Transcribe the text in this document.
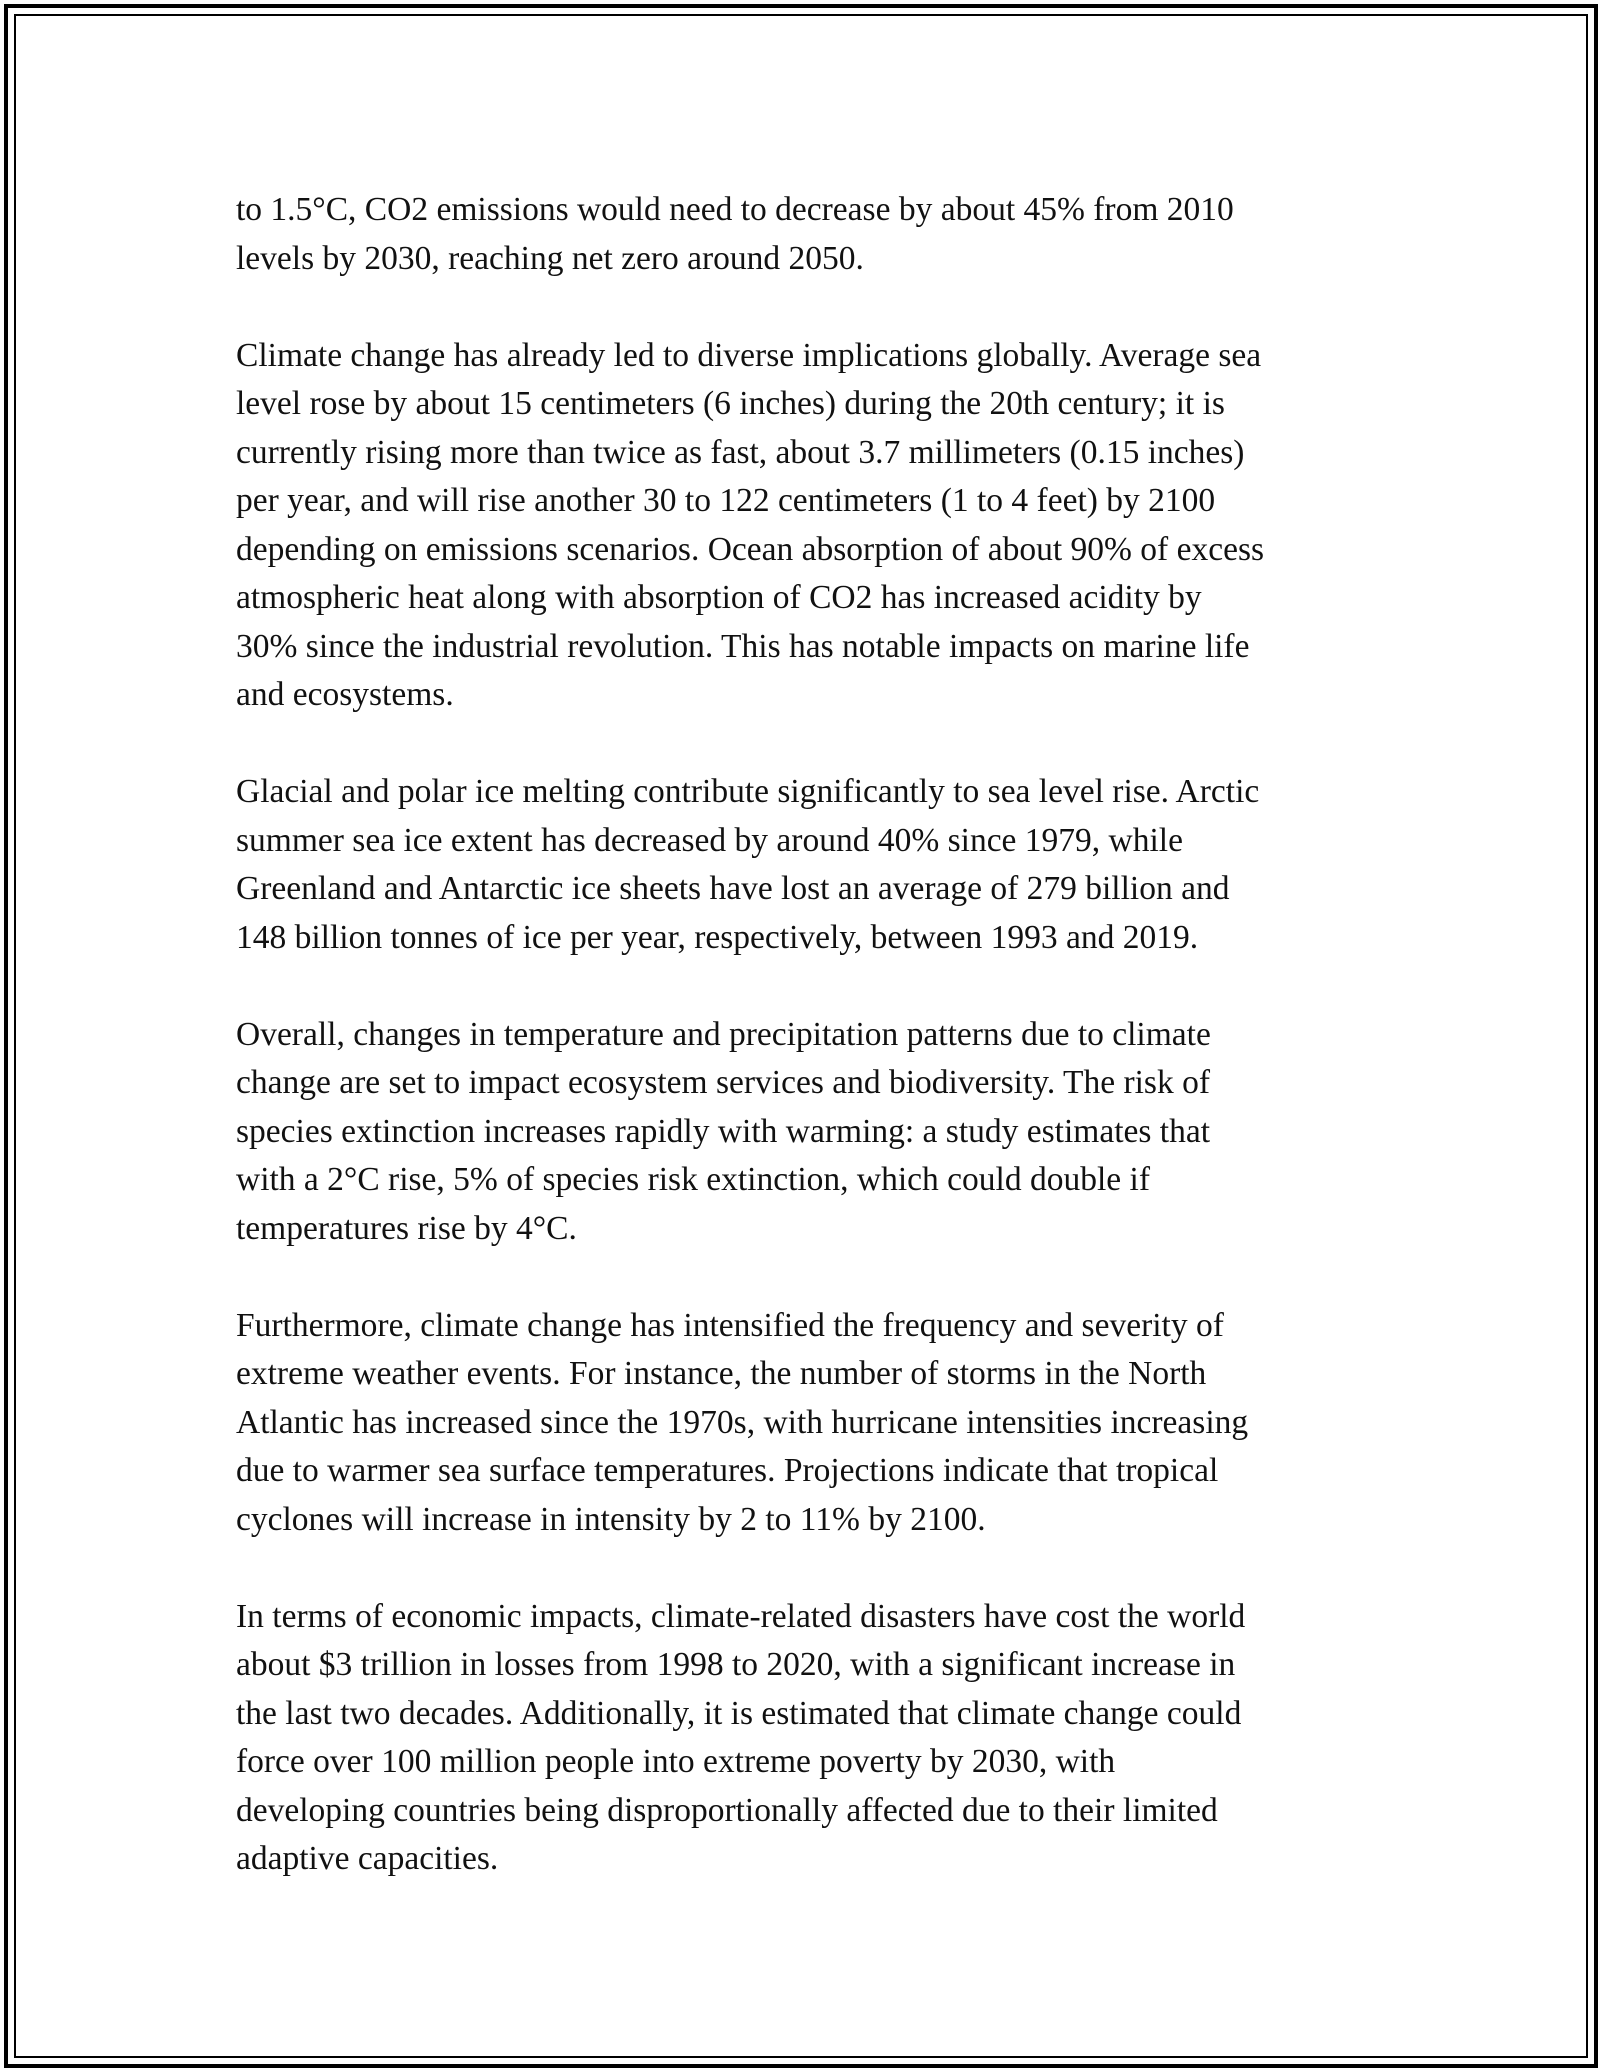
to 1.5°C, CO2 emissions would need to decrease by about 45% from 2010
levels by 2030, reaching net zero around 2050.

Climate change has already led to diverse implications globally. Average sea
level rose by about 15 centimeters (6 inches) during the 20th century; it is
currently rising more than twice as fast, about 3.7 millimeters (0.15 inches)
per year, and will rise another 30 to 122 centimeters (1 to 4 feet) by 2100
depending on emissions scenarios. Ocean absorption of about 90% of excess
atmospheric heat along with absorption of CO2 has increased acidity by
30% since the industrial revolution. This has notable impacts on marine life
and ecosystems.

Glacial and polar ice melting contribute significantly to sea level rise. Arctic
summer sea ice extent has decreased by around 40% since 1979, while
Greenland and Antarctic ice sheets have lost an average of 279 billion and
148 billion tonnes of ice per year, respectively, between 1993 and 2019.

Overall, changes in temperature and precipitation patterns due to climate
change are set to impact ecosystem services and biodiversity. The risk of
species extinction increases rapidly with warming: a study estimates that
with a 2°C rise, 5% of species risk extinction, which could double if
temperatures rise by 4°C.

Furthermore, climate change has intensified the frequency and severity of
extreme weather events. For instance, the number of storms in the North
Atlantic has increased since the 1970s, with hurricane intensities increasing
due to warmer sea surface temperatures. Projections indicate that tropical
cyclones will increase in intensity by 2 to 11% by 2100.

In terms of economic impacts, climate-related disasters have cost the world
about $3 trillion in losses from 1998 to 2020, with a significant increase in
the last two decades. Additionally, it is estimated that climate change could
force over 100 million people into extreme poverty by 2030, with
developing countries being disproportionally affected due to their limited
adaptive capacities.
